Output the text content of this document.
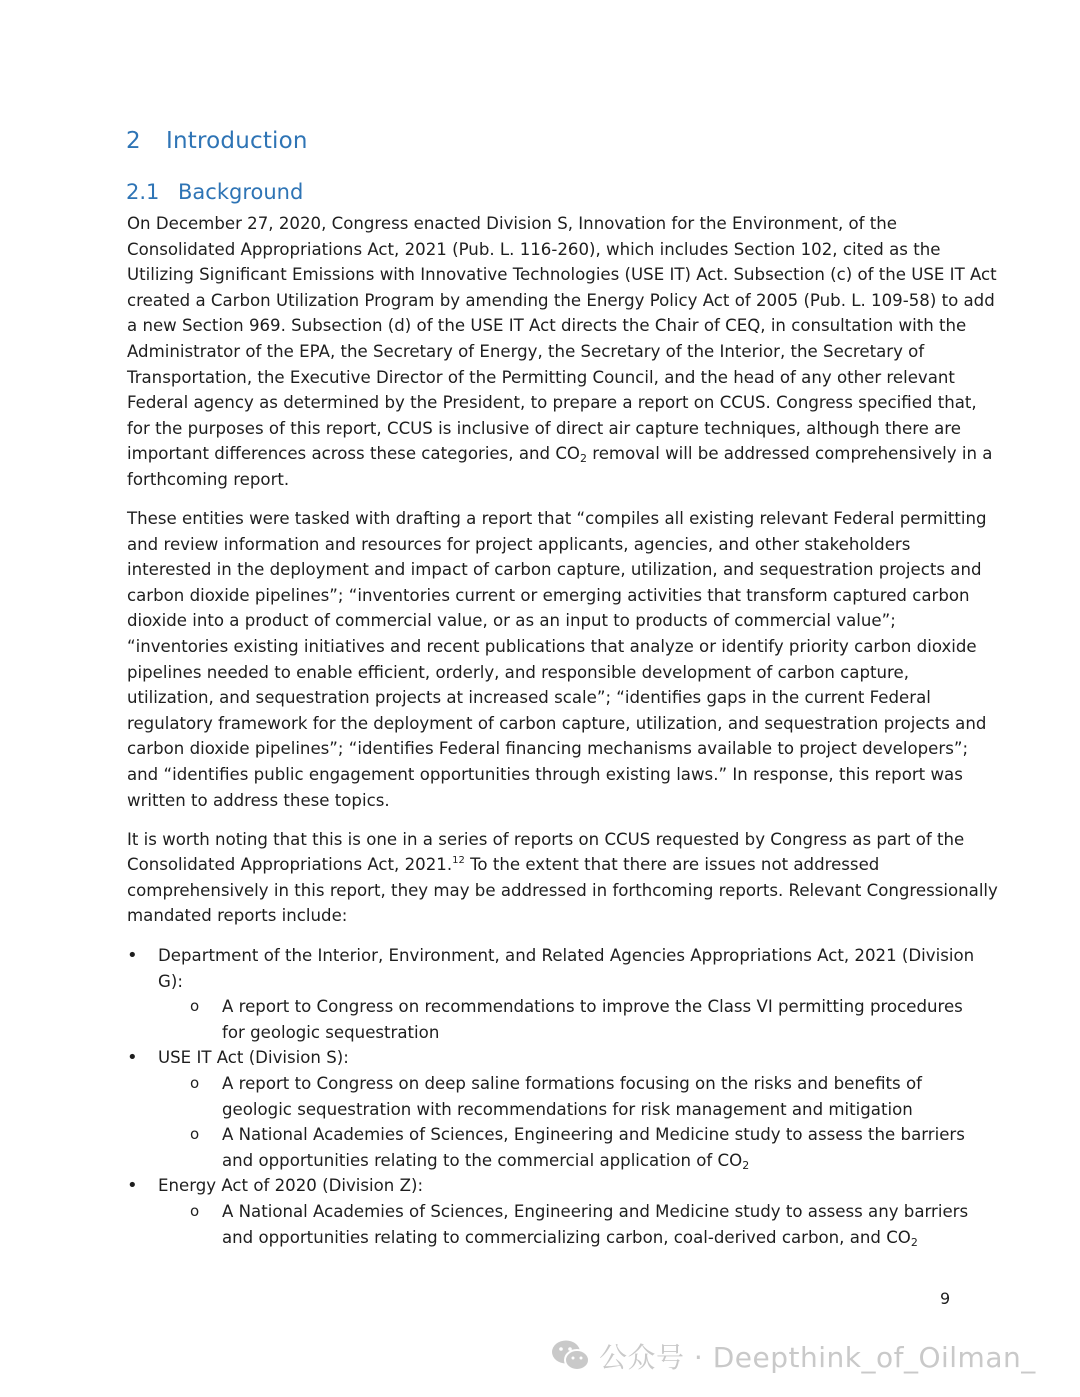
2 Introduction
2.1 Background
On December 27, 2020, Congress enacted Division S, Innovation for the Environment, of the
Consolidated Appropriations Act, 2021 (Pub. L. 116-260), which includes Section 102, cited as the
Utilizing Significant Emissions with Innovative Technologies (USE IT) Act. Subsection (c) of the USE IT Act
created a Carbon Utilization Program by amending the Energy Policy Act of 2005 (Pub. L. 109-58) to add
a new Section 969. Subsection (d) of the USE IT Act directs the Chair of CEQ, in consultation with the
Administrator of the EPA, the Secretary of Energy, the Secretary of the Interior, the Secretary of
Transportation, the Executive Director of the Permitting Council, and the head of any other relevant
Federal agency as determined by the President, to prepare a report on CCUS. Congress specified that,
for the purposes of this report, CCUS is inclusive of direct air capture techniques, although there are
important differences across these categories, and $CO_2$ removal will be addressed comprehensively in a
forthcoming report.
These entities were tasked with drafting a report that “compiles all existing relevant Federal permitting
and review information and resources for project applicants, agencies, and other stakeholders
interested in the deployment and impact of carbon capture, utilization, and sequestration projects and
carbon dioxide pipelines”; “inventories current or emerging activities that transform captured carbon
dioxide into a product of commercial value, or as an input to products of commercial value”;
“inventories existing initiatives and recent publications that analyze or identify priority carbon dioxide
pipelines needed to enable efficient, orderly, and responsible development of carbon capture,
utilization, and sequestration projects at increased scale”; “identifies gaps in the current Federal
regulatory framework for the deployment of carbon capture, utilization, and sequestration projects and
carbon dioxide pipelines”; “identifies Federal financing mechanisms available to project developers”;
and “identifies public engagement opportunities through existing laws.” In response, this report was
written to address these topics.
It is worth noting that this is one in a series of reports on CCUS requested by Congress as part of the
Consolidated Appropriations Act, 2021.12 To the extent that there are issues not addressed
comprehensively in this report, they may be addressed in forthcoming reports. Relevant Congressionally
mandated reports include:
• Department of the Interior, Environment, and Related Agencies Appropriations Act, 2021 (Division
G):
o A report to Congress on recommendations to improve the Class VI permitting procedures
for geologic sequestration
• USE IT Act (Division S):
o A report to Congress on deep saline formations focusing on the risks and benefits of
geologic sequestration with recommendations for risk management and mitigation
o A National Academies of Sciences, Engineering and Medicine study to assess the barriers
and opportunities relating to the commercial application of $CO_2$
• Energy Act of 2020 (Division Z):
o A National Academies of Sciences, Engineering and Medicine study to assess any barriers
and opportunities relating to commercializing carbon, coal-derived carbon, and $CO_2$
9
公众号 · Deepthink_of_Oilman_
